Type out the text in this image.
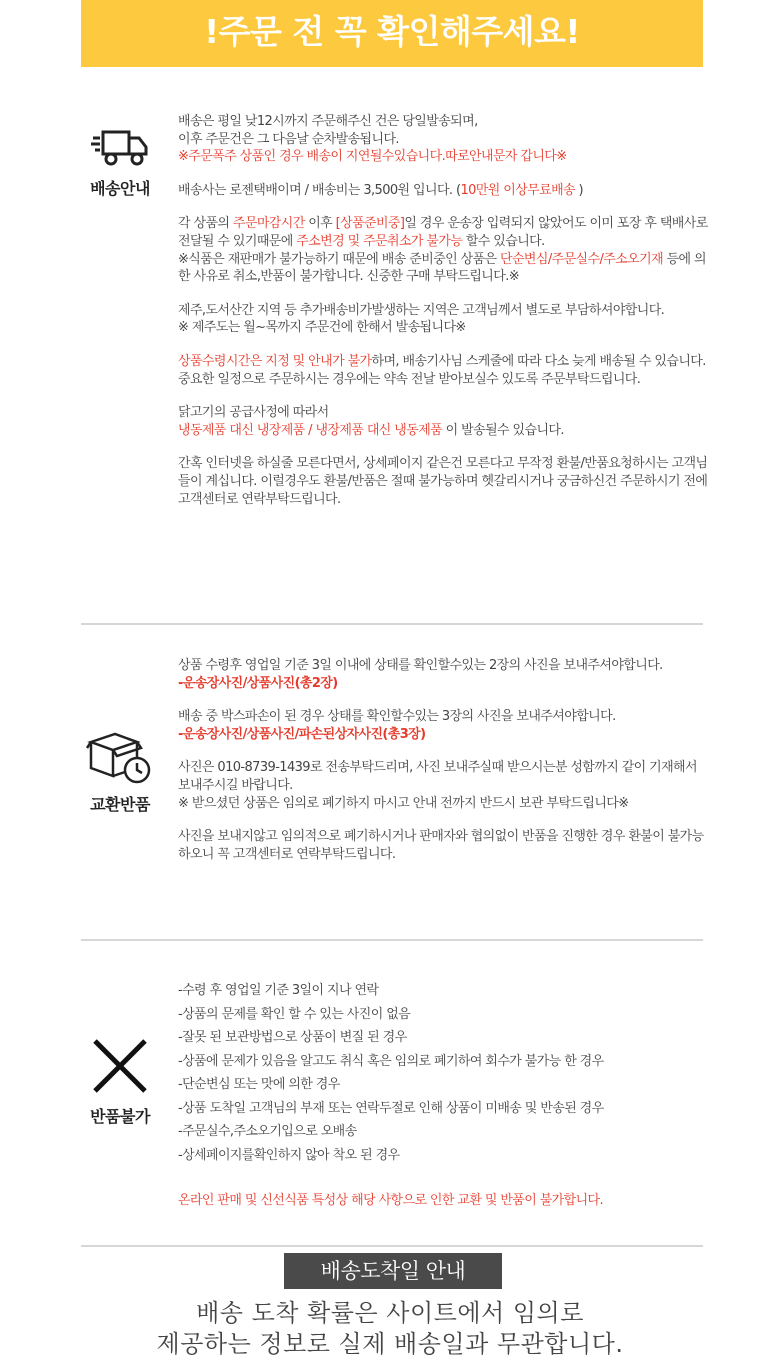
!주문 전 꼭 확인해주세요!
배송안내

배송은 평일 낮12시까지 주문해주신 건은 당일발송되며,
이후 주문건은 그 다음날 순차발송됩니다.
※주문폭주 상품인 경우 배송이 지연될수있습니다.따로안내문자 갑니다※

배송사는 로젠택배이며 / 배송비는 3,500원 입니다. (10만원 이상무료배송 )

각 상품의 주문마감시간 이후 [상품준비중]일 경우 운송장 입력되지 않았어도 이미 포장 후 택배사로 전달될 수 있기때문에 주소변경 및 주문취소가 불가능 할수 있습니다.
※식품은 재판매가 불가능하기 때문에 배송 준비중인 상품은 단순변심/주문실수/주소오기재 등에 의한 사유로 취소,반품이 불가합니다. 신중한 구매 부탁드립니다.※

제주,도서산간 지역 등 추가배송비가발생하는 지역은 고객님께서 별도로 부담하셔야합니다.
※ 제주도는 월~목까지 주문건에 한해서 발송됩니다※

상품수령시간은 지정 및 안내가 불가하며, 배송기사님 스케줄에 따라 다소 늦게 배송될 수 있습니다. 중요한 일정으로 주문하시는 경우에는 약속 전날 받아보실수 있도록 주문부탁드립니다.

닭고기의 공급사정에 따라서
냉동제품 대신 냉장제품 / 냉장제품 대신 냉동제품 이 발송될수 있습니다.

간혹 인터넷을 하실줄 모른다면서, 상세페이지 같은건 모른다고 무작정 환불/반품요청하시는 고객님들이 계십니다. 이럴경우도 환불/반품은 절때 불가능하며 헷갈리시거나 궁금하신건 주문하시기 전에 고객센터로 연락부탁드립니다.

교환반품

상품 수령후 영업일 기준 3일 이내에 상태를 확인할수있는 2장의 사진을 보내주셔야합니다.
-운송장사진/상품사진(총2장)

배송 중 박스파손이 된 경우 상태를 확인할수있는 3장의 사진을 보내주셔야합니다.
-운송장사진/상품사진/파손된상자사진(총3장)

사진은 010-8739-1439로 전송부탁드리며, 사진 보내주실때 받으시는분 성함까지 같이 기재해서 보내주시길 바랍니다.
※ 받으셨던 상품은 임의로 폐기하지 마시고 안내 전까지 반드시 보관 부탁드립니다※

사진을 보내지않고 임의적으로 폐기하시거나 판매자와 협의없이 반품을 진행한 경우 환불이 불가능하오니 꼭 고객센터로 연락부탁드립니다.

반품불가
-수령 후 영업일 기준 3일이 지나 연락
-상품의 문제를 확인 할 수 있는 사진이 없음
-잘못 된 보관방법으로 상품이 변질 된 경우
-상품에 문제가 있음을 알고도 취식 혹은 임의로 폐기하여 회수가 불가능 한 경우
-단순변심 또는 맛에 의한 경우
-상품 도착일 고객님의 부재 또는 연락두절로 인해 상품이 미배송 및 반송된 경우
-주문실수,주소오기입으로 오배송
-상세페이지를확인하지 않아 착오 된 경우
온라인 판매 및 신선식품 특성상 해당 사항으로 인한 교환 및 반품이 불가합니다.
배송도착일 안내
배송 도착 확률은 사이트에서 임의로
제공하는 정보로 실제 배송일과 무관합니다.
